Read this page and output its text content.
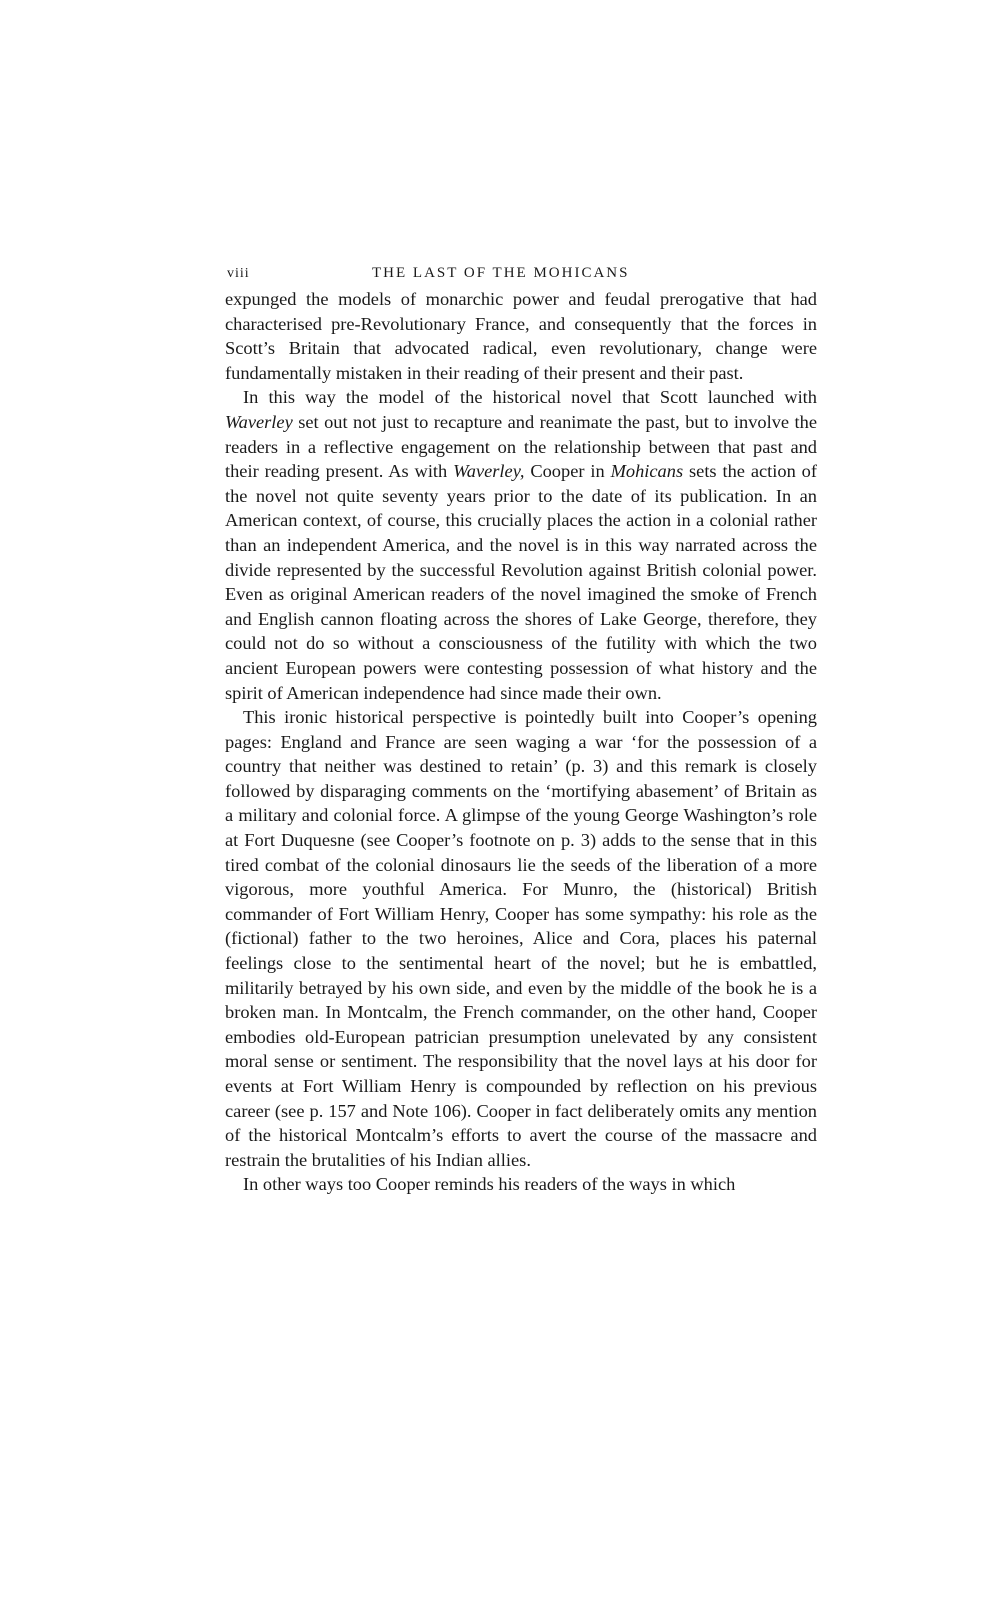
viii	THE LAST OF THE MOHICANS

expunged the models of monarchic power and feudal prerogative that had characterised pre-Revolutionary France, and consequently that the forces in Scott’s Britain that advocated radical, even revolutionary, change were fundamentally mistaken in their reading of their present and their past.

In this way the model of the historical novel that Scott launched with Waverley set out not just to recapture and reanimate the past, but to involve the readers in a reflective engagement on the relationship between that past and their reading present. As with Waverley, Cooper in Mohicans sets the action of the novel not quite seventy years prior to the date of its publication. In an American context, of course, this crucially places the action in a colonial rather than an independent America, and the novel is in this way narrated across the divide represented by the successful Revolution against British colonial power. Even as original American readers of the novel imagined the smoke of French and English cannon floating across the shores of Lake George, therefore, they could not do so without a consciousness of the futility with which the two ancient European powers were contesting possession of what history and the spirit of American independence had since made their own.

This ironic historical perspective is pointedly built into Cooper’s opening pages: England and France are seen waging a war ‘for the possession of a country that neither was destined to retain’ (p. 3) and this remark is closely followed by disparaging comments on the ‘mortifying abasement’ of Britain as a military and colonial force. A glimpse of the young George Washington’s role at Fort Duquesne (see Cooper’s footnote on p. 3) adds to the sense that in this tired combat of the colonial dinosaurs lie the seeds of the liberation of a more vigorous, more youthful America. For Munro, the (historical) British commander of Fort William Henry, Cooper has some sympathy: his role as the (fictional) father to the two heroines, Alice and Cora, places his paternal feelings close to the sentimental heart of the novel; but he is embattled, militarily betrayed by his own side, and even by the middle of the book he is a broken man. In Montcalm, the French commander, on the other hand, Cooper embodies old-European patrician presumption unelevated by any consistent moral sense or sentiment. The responsibility that the novel lays at his door for events at Fort William Henry is compounded by reflection on his previous career (see p. 157 and Note 106). Cooper in fact deliberately omits any mention of the historical Montcalm’s efforts to avert the course of the massacre and restrain the brutalities of his Indian allies.

In other ways too Cooper reminds his readers of the ways in which
